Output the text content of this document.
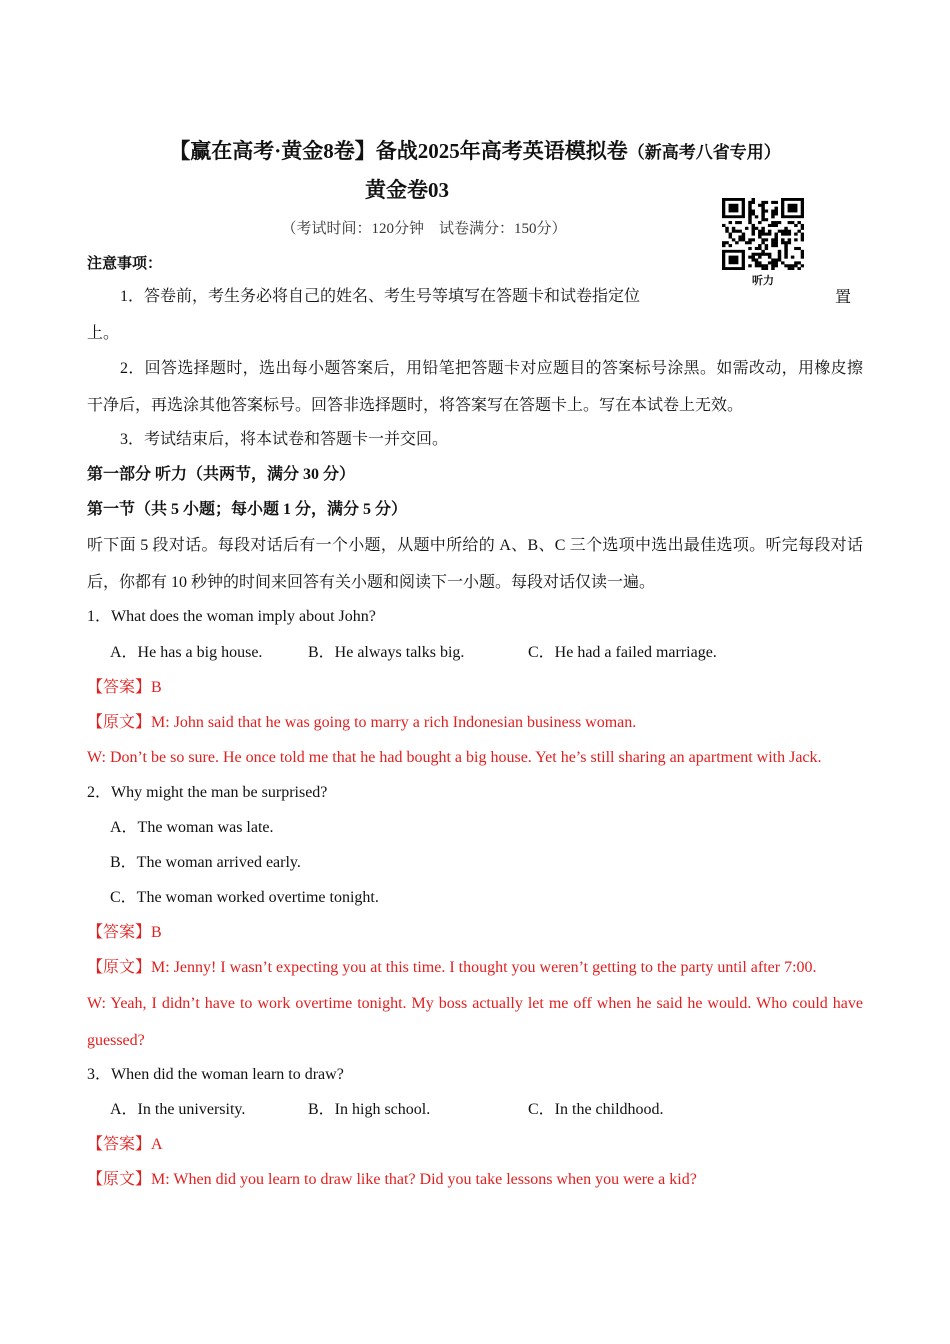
【赢在高考·黄金8卷】备战2025年高考英语模拟卷（新高考八省专用）
黄金卷03
（考试时间：120分钟　试卷满分：150分）
听力
注意事项：
1．答卷前，考生务必将自己的姓名、考生号等填写在答题卡和试卷指定位	置
上。
2．回答选择题时，选出每小题答案后，用铅笔把答题卡对应题目的答案标号涂黑。如需改动，用橡皮擦干净后，再选涂其他答案标号。回答非选择题时，将答案写在答题卡上。写在本试卷上无效。
3．考试结束后，将本试卷和答题卡一并交回。
第一部分 听力（共两节，满分 30 分）
第一节（共 5 小题；每小题 1 分，满分 5 分）
听下面 5 段对话。每段对话后有一个小题，从题中所给的 A、B、C 三个选项中选出最佳选项。听完每段对话后，你都有 10 秒钟的时间来回答有关小题和阅读下一小题。每段对话仅读一遍。
1．What does the woman imply about John?
A．He has a big house.	B．He always talks big.	C．He had a failed marriage.
【答案】B
【原文】M: John said that he was going to marry a rich Indonesian business woman.
W: Don’t be so sure. He once told me that he had bought a big house. Yet he’s still sharing an apartment with Jack.
2．Why might the man be surprised?
A．The woman was late.
B．The woman arrived early.
C．The woman worked overtime tonight.
【答案】B
【原文】M: Jenny! I wasn’t expecting you at this time. I thought you weren’t getting to the party until after 7:00.
W: Yeah, I didn’t have to work overtime tonight. My boss actually let me off when he said he would. Who could have guessed?
3．When did the woman learn to draw?
A．In the university.	B．In high school.	C．In the childhood.
【答案】A
【原文】M: When did you learn to draw like that? Did you take lessons when you were a kid?
